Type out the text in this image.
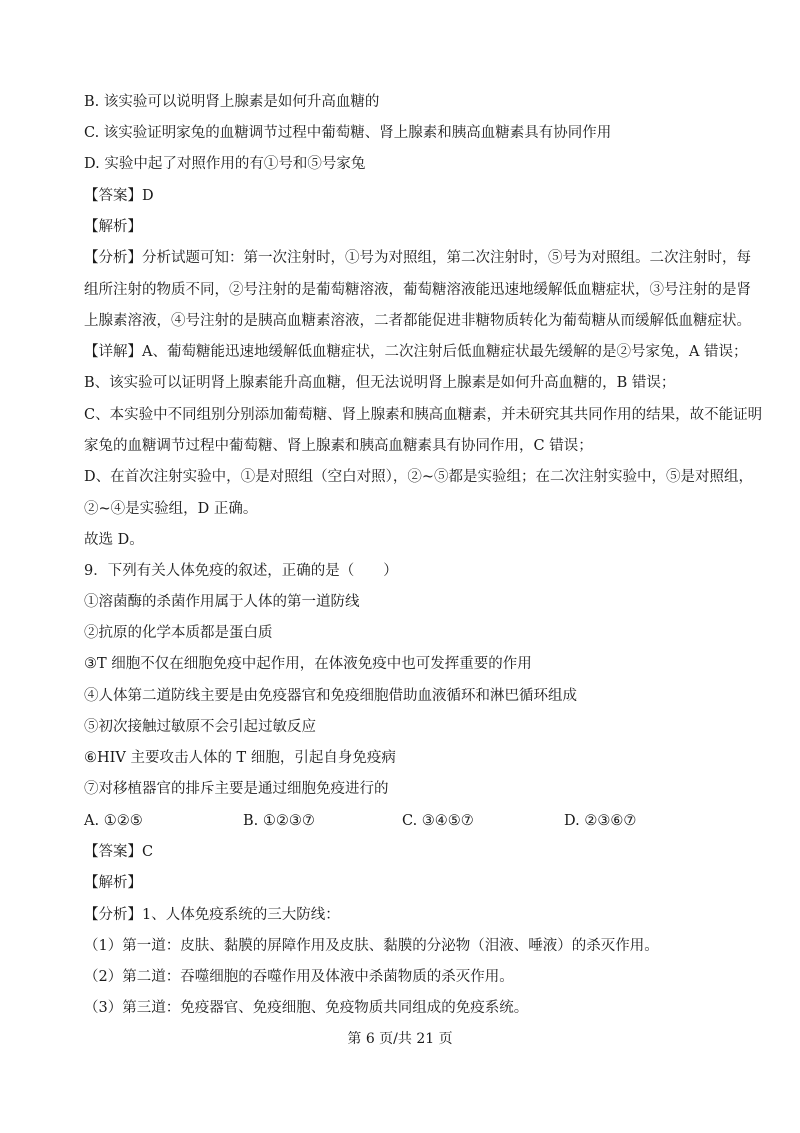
B. 该实验可以说明肾上腺素是如何升高血糖的
C. 该实验证明家兔的血糖调节过程中葡萄糖、肾上腺素和胰高血糖素具有协同作用
D. 实验中起了对照作用的有①号和⑤号家兔
【答案】D
【解析】
【分析】分析试题可知：第一次注射时，①号为对照组，第二次注射时，⑤号为对照组。二次注射时，每
组所注射的物质不同，②号注射的是葡萄糖溶液，葡萄糖溶液能迅速地缓解低血糖症状，③号注射的是肾
上腺素溶液，④号注射的是胰高血糖素溶液，二者都能促进非糖物质转化为葡萄糖从而缓解低血糖症状。
【详解】A、葡萄糖能迅速地缓解低血糖症状，二次注射后低血糖症状最先缓解的是②号家兔，A 错误；
B、该实验可以证明肾上腺素能升高血糖，但无法说明肾上腺素是如何升高血糖的，B 错误；
C、本实验中不同组别分别添加葡萄糖、肾上腺素和胰高血糖素，并未研究其共同作用的结果，故不能证明
家兔的血糖调节过程中葡萄糖、肾上腺素和胰高血糖素具有协同作用，C 错误；
D、在首次注射实验中，①是对照组（空白对照），②~⑤都是实验组；在二次注射实验中，⑤是对照组，
②~④是实验组，D 正确。
故选 D。
9．下列有关人体免疫的叙述，正确的是（　　）
①溶菌酶的杀菌作用属于人体的第一道防线
②抗原的化学本质都是蛋白质
③T 细胞不仅在细胞免疫中起作用，在体液免疫中也可发挥重要的作用
④人体第二道防线主要是由免疫器官和免疫细胞借助血液循环和淋巴循环组成
⑤初次接触过敏原不会引起过敏反应
⑥HIV 主要攻击人体的 T 细胞，引起自身免疫病
⑦对移植器官的排斥主要是通过细胞免疫进行的
A. ①②⑤	B. ①②③⑦	C. ③④⑤⑦	D. ②③⑥⑦
【答案】C
【解析】
【分析】1、人体免疫系统的三大防线：
（1）第一道：皮肤、黏膜的屏障作用及皮肤、黏膜的分泌物（泪液、唾液）的杀灭作用。
（2）第二道：吞噬细胞的吞噬作用及体液中杀菌物质的杀灭作用。
（3）第三道：免疫器官、免疫细胞、免疫物质共同组成的免疫系统。
第 6 页/共 21 页
